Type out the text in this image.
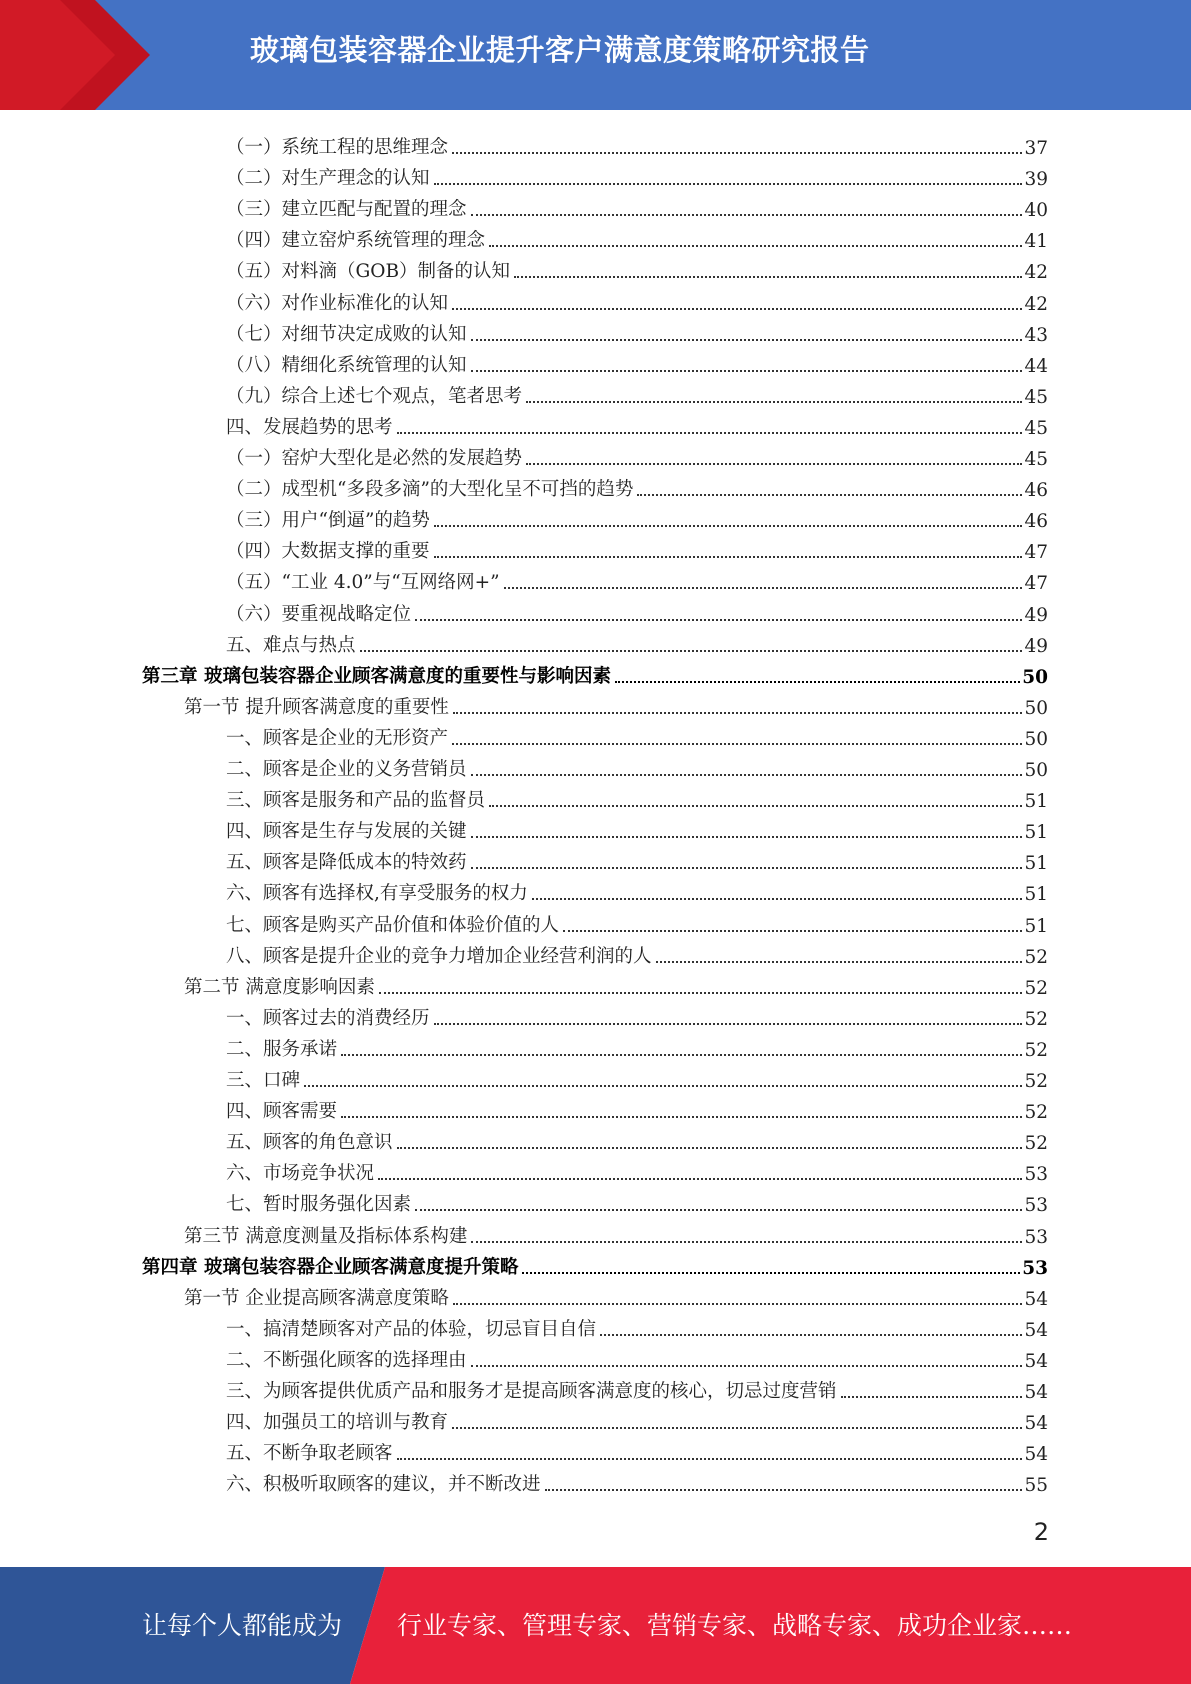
玻璃包装容器企业提升客户满意度策略研究报告
（一）系统工程的思维理念	37
（二）对生产理念的认知	39
（三）建立匹配与配置的理念	40
（四）建立窑炉系统管理的理念	41
（五）对料滴（GOB）制备的认知	42
（六）对作业标准化的认知	42
（七）对细节决定成败的认知	43
（八）精细化系统管理的认知	44
（九）综合上述七个观点，笔者思考	45
四、发展趋势的思考	45
（一）窑炉大型化是必然的发展趋势	45
（二）成型机“多段多滴”的大型化呈不可挡的趋势	46
（三）用户“倒逼”的趋势	46
（四）大数据支撑的重要	47
（五）“工业 4.0”与“互网络网+”	47
（六）要重视战略定位	49
五、难点与热点	49
第三章 玻璃包装容器企业顾客满意度的重要性与影响因素	50
第一节 提升顾客满意度的重要性	50
一、顾客是企业的无形资产	50
二、顾客是企业的义务营销员	50
三、顾客是服务和产品的监督员	51
四、顾客是生存与发展的关键	51
五、顾客是降低成本的特效药	51
六、顾客有选择权,有享受服务的权力	51
七、顾客是购买产品价值和体验价值的人	51
八、顾客是提升企业的竞争力增加企业经营利润的人	52
第二节 满意度影响因素	52
一、顾客过去的消费经历	52
二、服务承诺	52
三、口碑	52
四、顾客需要	52
五、顾客的角色意识	52
六、市场竞争状况	53
七、暂时服务强化因素	53
第三节 满意度测量及指标体系构建	53
第四章 玻璃包装容器企业顾客满意度提升策略	53
第一节 企业提高顾客满意度策略	54
一、搞清楚顾客对产品的体验，切忌盲目自信	54
二、不断强化顾客的选择理由	54
三、为顾客提供优质产品和服务才是提高顾客满意度的核心，切忌过度营销	54
四、加强员工的培训与教育	54
五、不断争取老顾客	54
六、积极听取顾客的建议，并不断改进	55
2
让每个人都能成为 行业专家、管理专家、营销专家、战略专家、成功企业家……
